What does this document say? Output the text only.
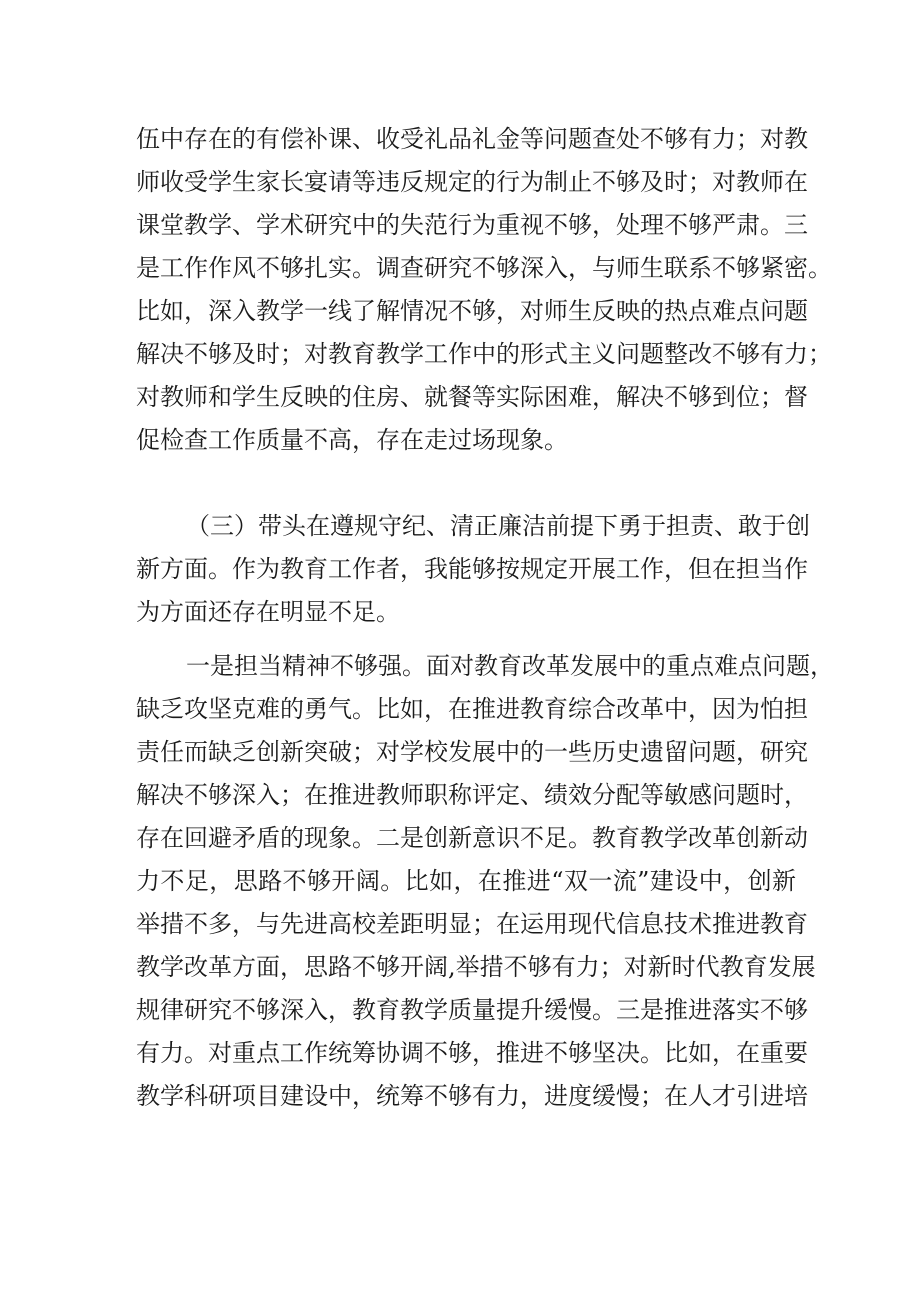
伍中存在的有偿补课、收受礼品礼金等问题查处不够有力；对教
师收受学生家长宴请等违反规定的行为制止不够及时；对教师在
课堂教学、学术研究中的失范行为重视不够，处理不够严肃。三
是工作作风不够扎实。调查研究不够深入，与师生联系不够紧密。
比如，深入教学一线了解情况不够，对师生反映的热点难点问题
解决不够及时；对教育教学工作中的形式主义问题整改不够有力；
对教师和学生反映的住房、就餐等实际困难，解决不够到位；督
促检查工作质量不高，存在走过场现象。
（三）带头在遵规守纪、清正廉洁前提下勇于担责、敢于创
新方面。作为教育工作者，我能够按规定开展工作，但在担当作
为方面还存在明显不足。
一是担当精神不够强。面对教育改革发展中的重点难点问题，
缺乏攻坚克难的勇气。比如，在推进教育综合改革中，因为怕担
责任而缺乏创新突破；对学校发展中的一些历史遗留问题，研究
解决不够深入；在推进教师职称评定、绩效分配等敏感问题时，
存在回避矛盾的现象。二是创新意识不足。教育教学改革创新动
力不足，思路不够开阔。比如，在推进“双一流”建设中，创新
举措不多，与先进高校差距明显；在运用现代信息技术推进教育
教学改革方面，思路不够开阔,举措不够有力；对新时代教育发展
规律研究不够深入，教育教学质量提升缓慢。三是推进落实不够
有力。对重点工作统筹协调不够，推进不够坚决。比如，在重要
教学科研项目建设中，统筹不够有力，进度缓慢；在人才引进培
